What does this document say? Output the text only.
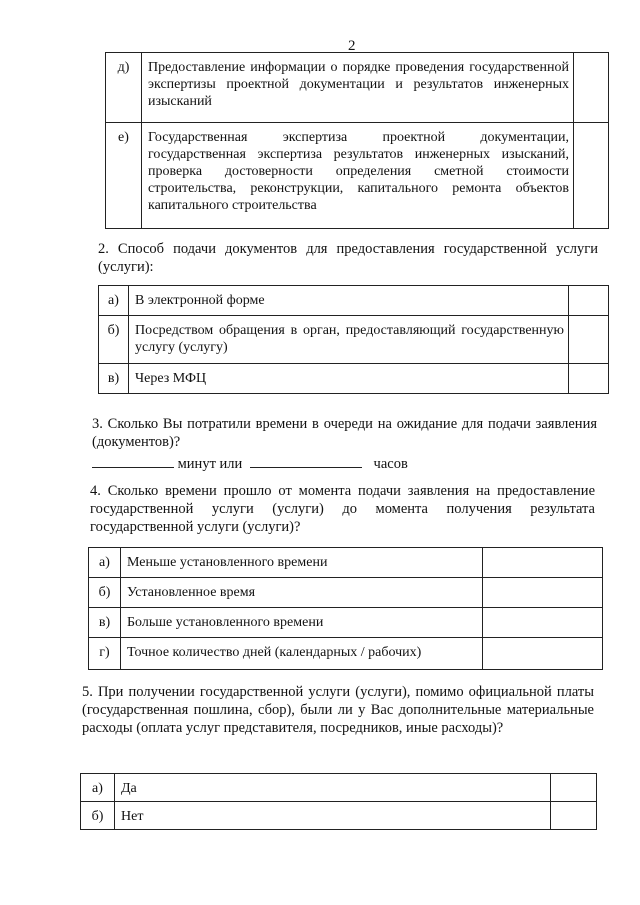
2
д)	Предоставление информации о порядке проведения государственной экспертизы проектной документации и результатов инженерных изысканий	
е)	Государственная экспертиза проектной документации, государственная экспертиза результатов инженерных изысканий, проверка достоверности определения сметной стоимости строительства, реконструкции, капитального ремонта объектов капитального строительства	
2. Способ подачи документов для предоставления государственной услуги (услуги):
а)	В электронной форме	
б)	Посредством обращения в орган, предоставляющий государственную услугу (услугу)	
в)	Через МФЦ	
3. Сколько Вы потратили времени в очереди на ожидание для подачи заявления (документов)?
минут или	часов
4. Сколько времени прошло от момента подачи заявления на предоставление государственной услуги (услуги) до момента получения результата государственной услуги (услуги)?
а)	Меньше установленного времени	
б)	Установленное время	
в)	Больше установленного времени	
г)	Точное количество дней (календарных / рабочих)	
5. При получении государственной услуги (услуги), помимо официальной платы (государственная пошлина, сбор), были ли у Вас дополнительные материальные расходы (оплата услуг представителя, посредников, иные расходы)?
а)	Да	
б)	Нет	
